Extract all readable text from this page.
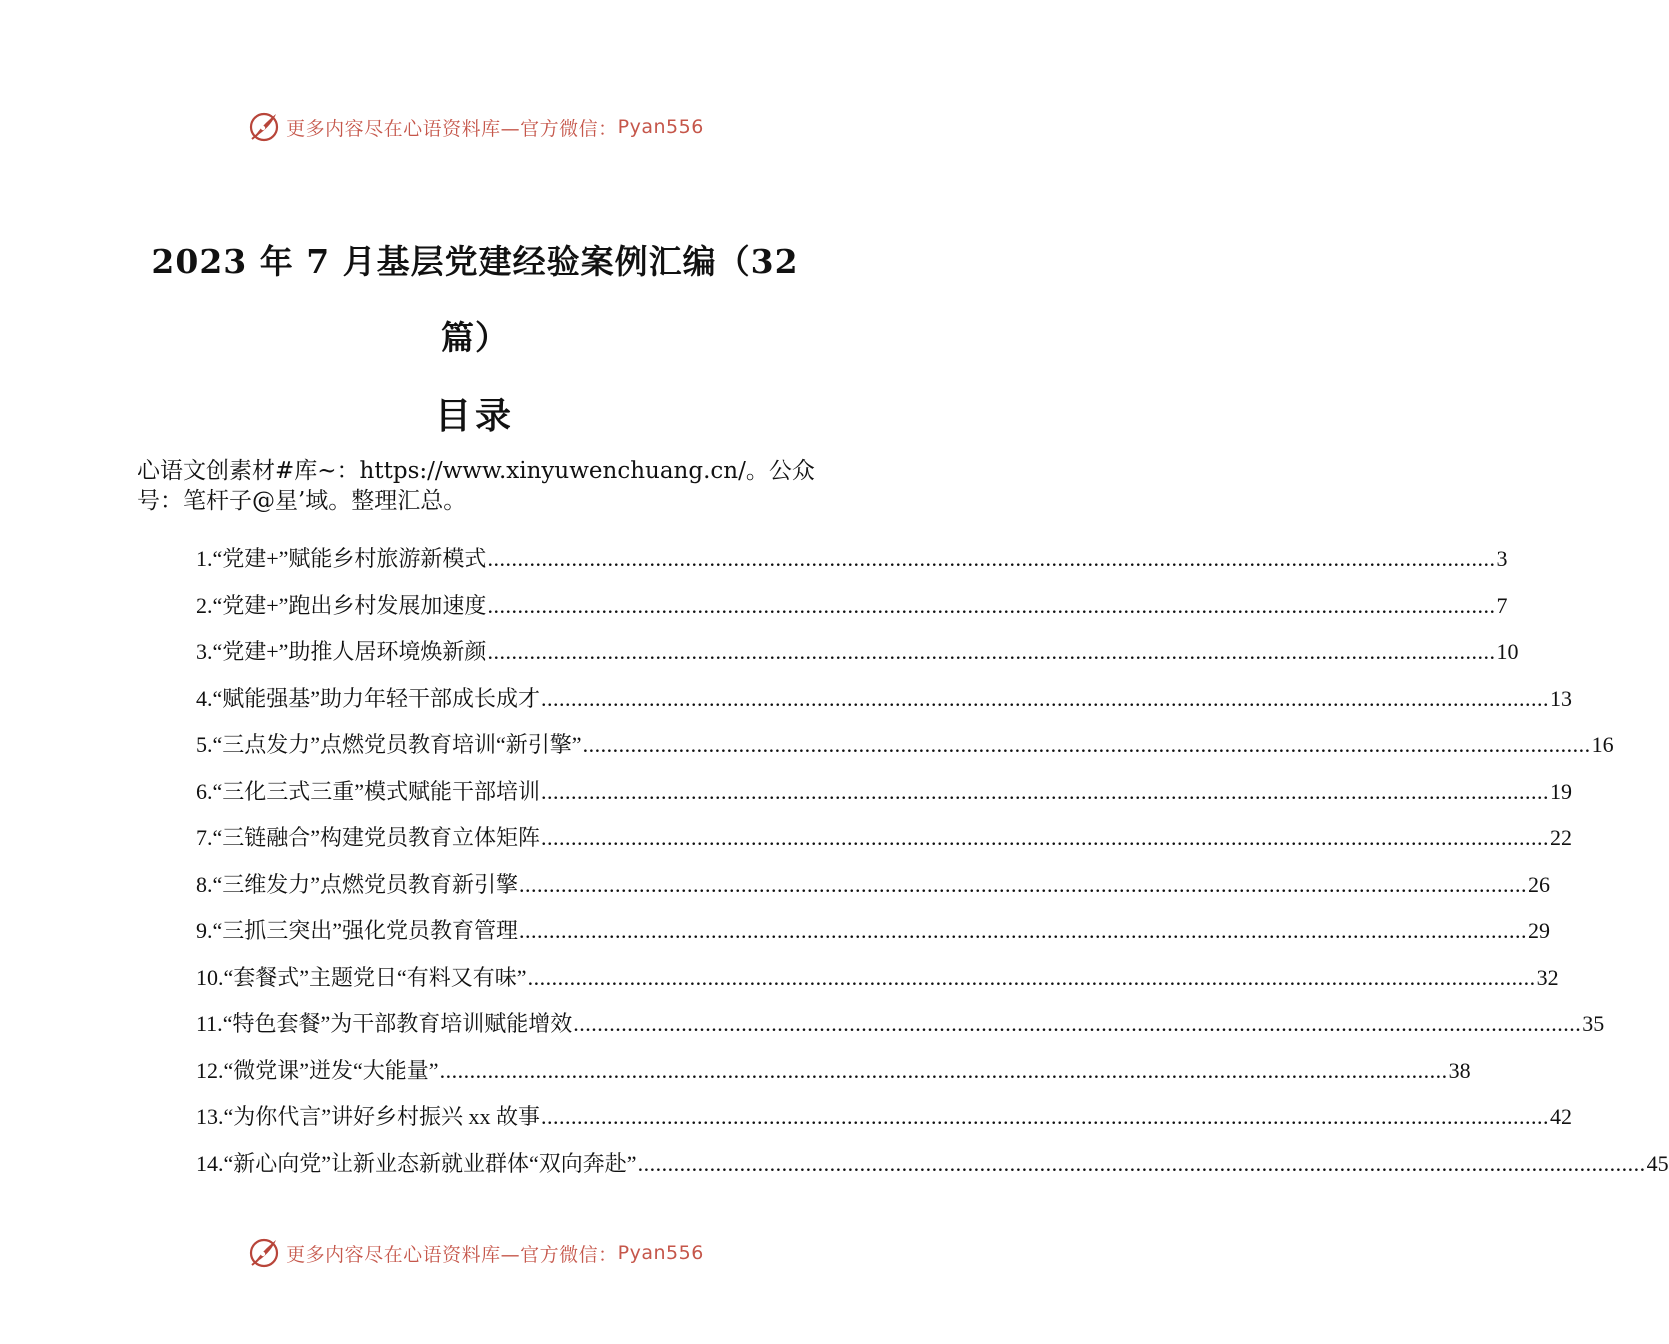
更多内容尽在心语资料库—官方微信： Pyan556
2023 年 7 月基层党建经验案例汇编（32
篇）
目录
心语文创素材#库~：https://www.xinyuwenchuang.cn/。公众号：笔杆子@星’域。整理汇总。
1. “党建+”赋能乡村旅游新模式 .....	3
2. “党建+”跑出乡村发展加速度 .....	7
3. “党建+”助推人居环境焕新颜 .....	10
4. “赋能强基”助力年轻干部成长成才 .....	13
5. “三点发力”点燃党员教育培训“新引擎” .....	16
6. “三化三式三重”模式赋能干部培训 .....	19
7. “三链融合”构建党员教育立体矩阵 .....	22
8. “三维发力”点燃党员教育新引擎 .....	26
9. “三抓三突出”强化党员教育管理 .....	29
10. “套餐式”主题党日“有料又有味” .....	32
11. “特色套餐”为干部教育培训赋能增效 .....	35
12. “微党课”迸发“大能量” .....	38
13. “为你代言”讲好乡村振兴 xx 故事 .....	42
14. “新心向党”让新业态新就业群体“双向奔赴” .....	45
更多内容尽在心语资料库—官方微信： Pyan556
